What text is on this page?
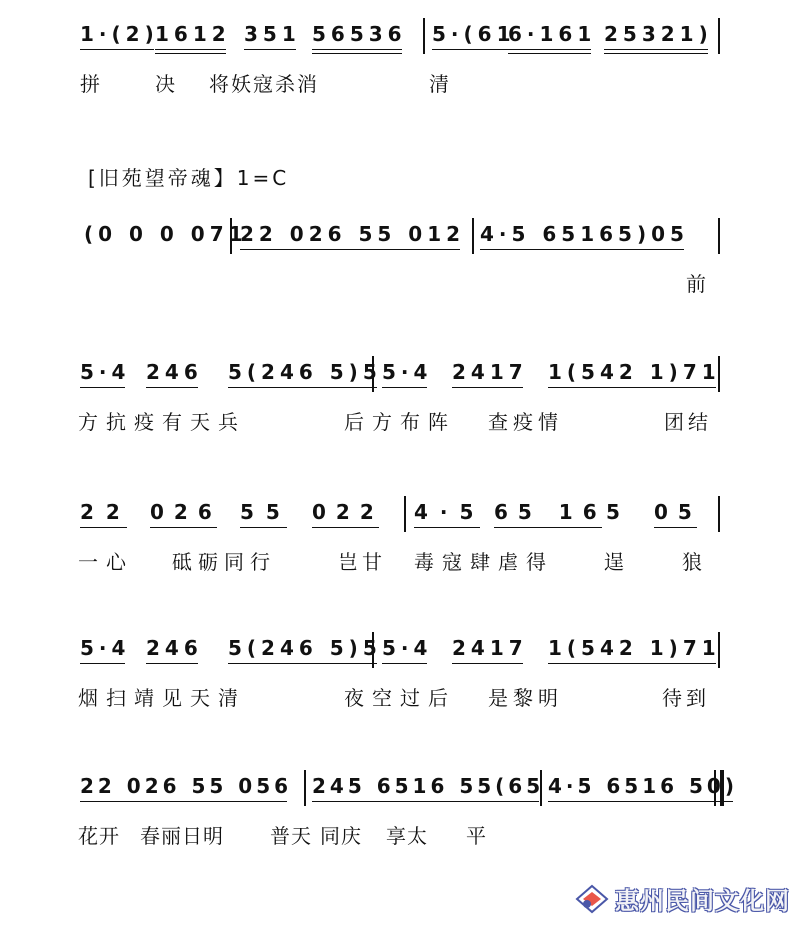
1·(2)
1612 351 56536 5·(61
6·161 25321)
拼	决 将妖寇杀消	清
[旧苑望帝魂】1=C
(0 0 0 071
22 026 55 012 4·5 65165)05
前
5·4 246 5(246 5)5 5·4 2417 1(542 1)71
方抗疫有天兵	后方布阵 查疫情	团结
22 026 55 022 4·5 65 16 5 05
一心 砥砺同行	岂甘 毒寇肆虐得	逞	狼
5·4 246 5(246 5)5 5·4 2417 1(542 1)71
烟扫靖见天清	夜空过后 是黎明	待到
22 026 55 056 245 6516 55(65 4·5 6516 50)
花开 春丽日明 普天 同庆 享太 平
惠州民间文化网
